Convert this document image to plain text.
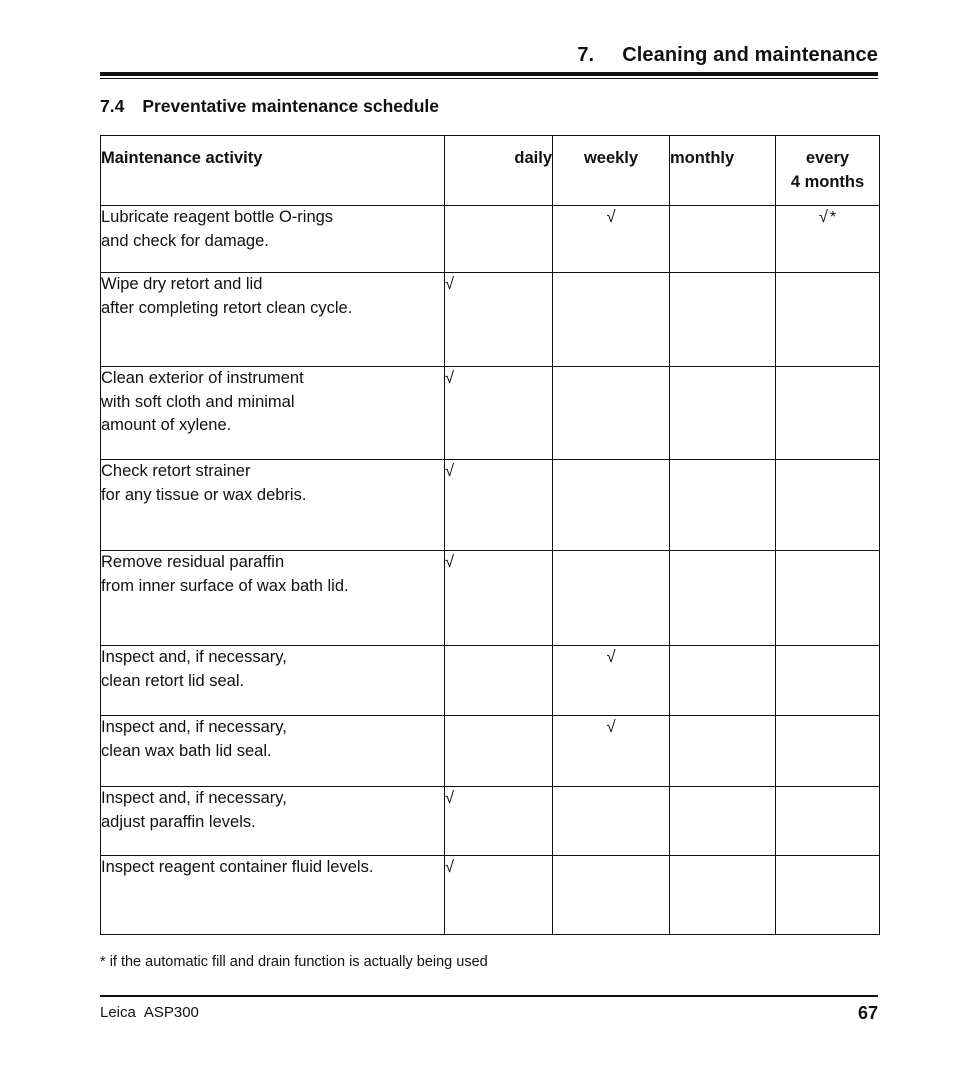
7. Cleaning and maintenance
7.4 Preventative maintenance schedule
Maintenance activity	daily	weekly	monthly	every
4 months

Lubricate reagent bottle O-rings
and check for damage.		√		√ *

Wipe dry retort and lid
after completing retort clean cycle.	√			

Clean exterior of instrument
with soft cloth and minimal
amount of xylene.	√			

Check retort strainer
for any tissue or wax debris.	√			

Remove residual paraffin
from inner surface of wax bath lid.	√			

Inspect and, if necessary,
clean retort lid seal.		√		

Inspect and, if necessary,
clean wax bath lid seal.		√		

Inspect and, if necessary,
adjust paraffin levels.	√			

Inspect reagent container fluid levels.	√			
* if the automatic fill and drain function is actually being used
Leica ASP300	67
